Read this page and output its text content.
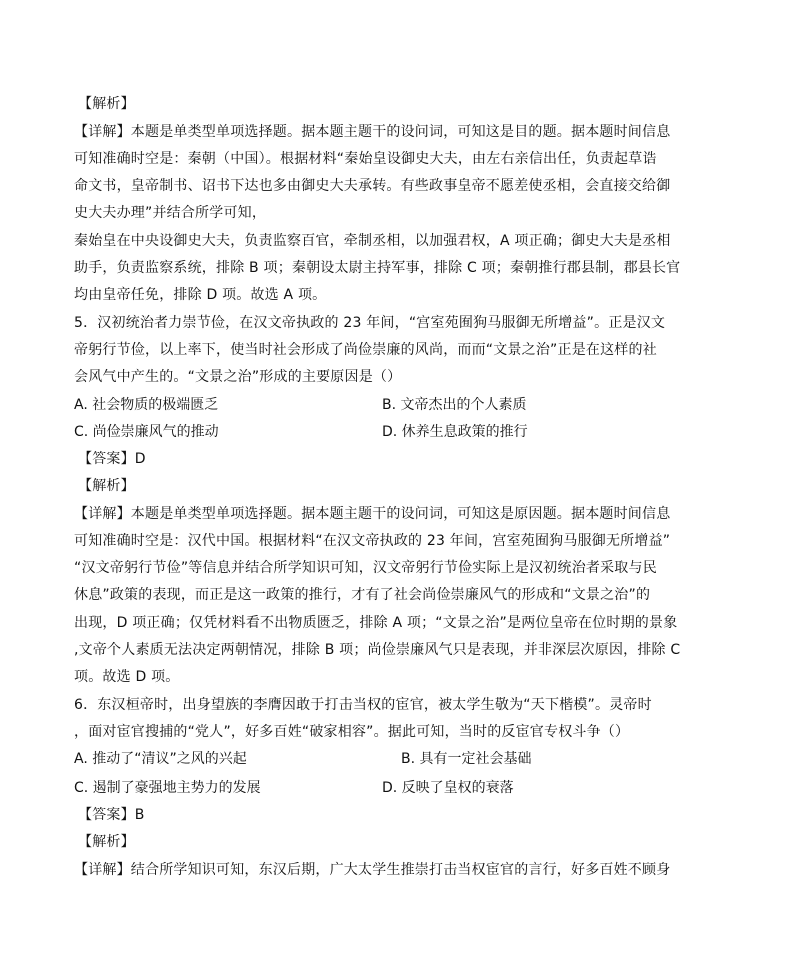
【解析】
【详解】本题是单类型单项选择题。据本题主题干的设问词，可知这是目的题。据本题时间信息
可知准确时空是：秦朝（中国）。根据材料“秦始皇设御史大夫，由左右亲信出任，负责起草诰
命文书，皇帝制书、诏书下达也多由御史大夫承转。有些政事皇帝不愿差使丞相，会直接交给御
史大夫办理”并结合所学可知，
秦始皇在中央设御史大夫，负责监察百官，牵制丞相，以加强君权，A 项正确；御史大夫是丞相
助手，负责监察系统，排除 B 项；秦朝设太尉主持军事，排除 C 项；秦朝推行郡县制，郡县长官
均由皇帝任免，排除 D 项。故选 A 项。
5．汉初统治者力崇节俭，在汉文帝执政的 23 年间，“宫室苑囿狗马服御无所增益”。正是汉文
帝躬行节俭，以上率下，使当时社会形成了尚俭崇廉的风尚，而而“文景之治”正是在这样的社
会风气中产生的。“文景之治”形成的主要原因是（）
A. 社会物质的极端匮乏	B. 文帝杰出的个人素质
C. 尚俭崇廉风气的推动	D. 休养生息政策的推行
【答案】D
【解析】
【详解】本题是单类型单项选择题。据本题主题干的设问词，可知这是原因题。据本题时间信息
可知准确时空是：汉代中国。根据材料“在汉文帝执政的 23 年间，宫室苑囿狗马服御无所增益”
“汉文帝躬行节俭”等信息并结合所学知识可知，汉文帝躬行节俭实际上是汉初统治者采取与民
休息”政策的表现，而正是这一政策的推行，才有了社会尚俭崇廉风气的形成和“文景之治”的
出现，D 项正确；仅凭材料看不出物质匮乏，排除 A 项；“文景之治”是两位皇帝在位时期的景象
,文帝个人素质无法决定两朝情况，排除 B 项；尚俭崇廉风气只是表现，并非深层次原因，排除 C
项。故选 D 项。
6．东汉桓帝时，出身望族的李膺因敢于打击当权的宦官，被太学生敬为“天下楷模”。灵帝时
，面对宦官搜捕的“党人”，好多百姓“破家相容”。据此可知，当时的反宦官专权斗争（）
A. 推动了“清议”之风的兴起	B. 具有一定社会基础
C. 遏制了豪强地主势力的发展	D. 反映了皇权的衰落
【答案】B
【解析】
【详解】结合所学知识可知，东汉后期，广大太学生推崇打击当权宦官的言行，好多百姓不顾身
